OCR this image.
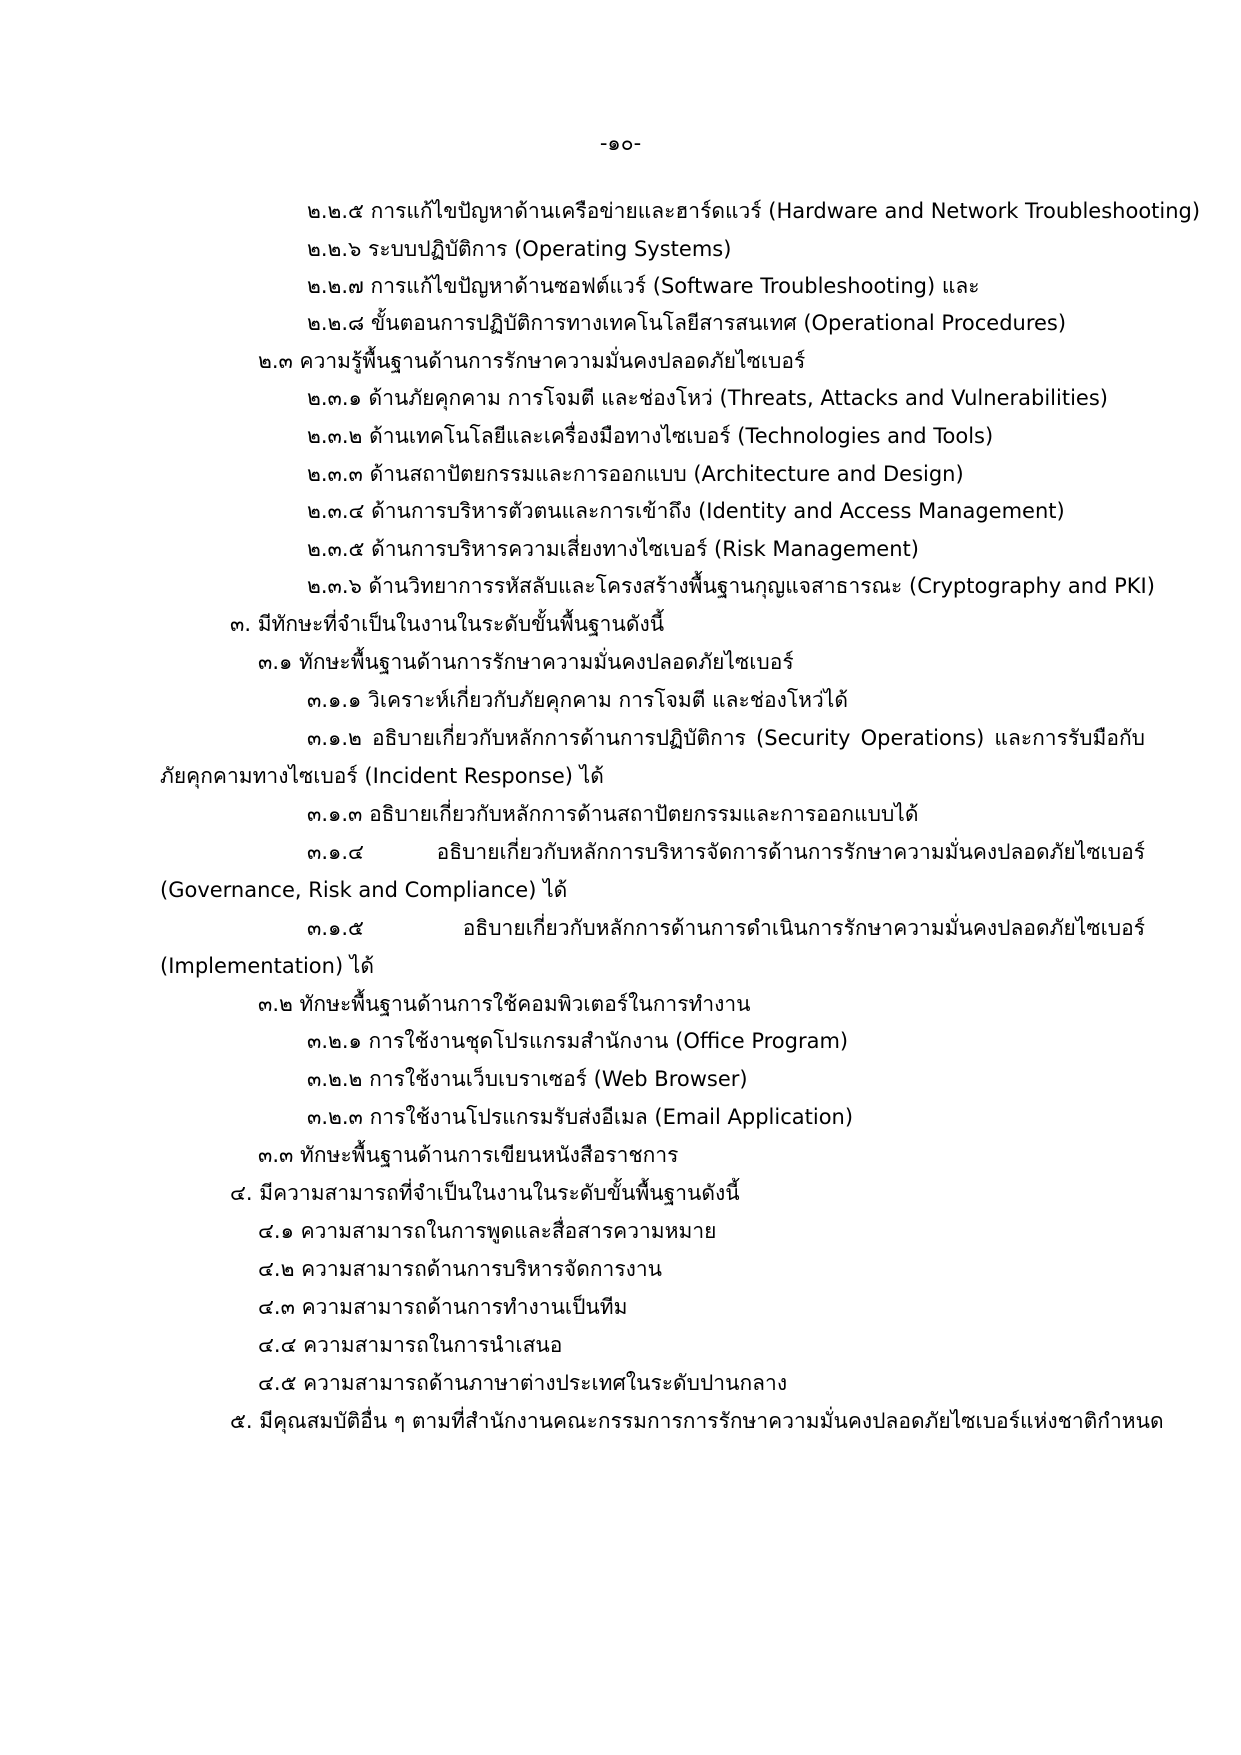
-๑๐-
๒.๒.๕ การแก้ไขปัญหาด้านเครือข่ายและฮาร์ดแวร์ (Hardware and Network Troubleshooting)
๒.๒.๖ ระบบปฏิบัติการ (Operating Systems)
๒.๒.๗ การแก้ไขปัญหาด้านซอฟต์แวร์ (Software Troubleshooting) และ
๒.๒.๘ ขั้นตอนการปฏิบัติการทางเทคโนโลยีสารสนเทศ (Operational Procedures)
๒.๓ ความรู้พื้นฐานด้านการรักษาความมั่นคงปลอดภัยไซเบอร์
๒.๓.๑ ด้านภัยคุกคาม การโจมตี และช่องโหว่ (Threats, Attacks and Vulnerabilities)
๒.๓.๒ ด้านเทคโนโลยีและเครื่องมือทางไซเบอร์ (Technologies and Tools)
๒.๓.๓ ด้านสถาปัตยกรรมและการออกแบบ (Architecture and Design)
๒.๓.๔ ด้านการบริหารตัวตนและการเข้าถึง (Identity and Access Management)
๒.๓.๕ ด้านการบริหารความเสี่ยงทางไซเบอร์ (Risk Management)
๒.๓.๖ ด้านวิทยาการรหัสลับและโครงสร้างพื้นฐานกุญแจสาธารณะ (Cryptography and PKI)
๓. มีทักษะที่จำเป็นในงานในระดับขั้นพื้นฐานดังนี้
๓.๑ ทักษะพื้นฐานด้านการรักษาความมั่นคงปลอดภัยไซเบอร์
๓.๑.๑ วิเคราะห์เกี่ยวกับภัยคุกคาม การโจมตี และช่องโหว่ได้
๓.๑.๒ อธิบายเกี่ยวกับหลักการด้านการปฏิบัติการ (Security Operations) และการรับมือกับภัยคุกคามทางไซเบอร์ (Incident Response) ได้
๓.๑.๓ อธิบายเกี่ยวกับหลักการด้านสถาปัตยกรรมและการออกแบบได้
๓.๑.๔ อธิบายเกี่ยวกับหลักการบริหารจัดการด้านการรักษาความมั่นคงปลอดภัยไซเบอร์ (Governance, Risk and Compliance) ได้
๓.๑.๕ อธิบายเกี่ยวกับหลักการด้านการดำเนินการรักษาความมั่นคงปลอดภัยไซเบอร์ (Implementation) ได้
๓.๒ ทักษะพื้นฐานด้านการใช้คอมพิวเตอร์ในการทำงาน
๓.๒.๑ การใช้งานชุดโปรแกรมสำนักงาน (Office Program)
๓.๒.๒ การใช้งานเว็บเบราเซอร์ (Web Browser)
๓.๒.๓ การใช้งานโปรแกรมรับส่งอีเมล (Email Application)
๓.๓ ทักษะพื้นฐานด้านการเขียนหนังสือราชการ
๔. มีความสามารถที่จำเป็นในงานในระดับขั้นพื้นฐานดังนี้
๔.๑ ความสามารถในการพูดและสื่อสารความหมาย
๔.๒ ความสามารถด้านการบริหารจัดการงาน
๔.๓ ความสามารถด้านการทำงานเป็นทีม
๔.๔ ความสามารถในการนำเสนอ
๔.๕ ความสามารถด้านภาษาต่างประเทศในระดับปานกลาง
๕. มีคุณสมบัติอื่น ๆ ตามที่สำนักงานคณะกรรมการการรักษาความมั่นคงปลอดภัยไซเบอร์แห่งชาติกำหนด
